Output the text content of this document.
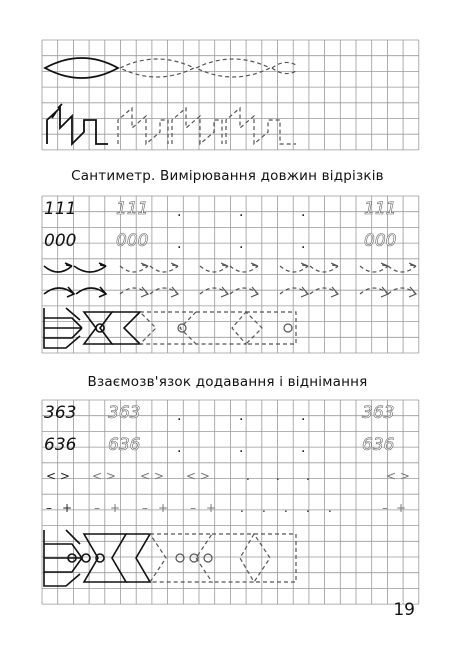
111 111	111
000 000	000
.	.	.
.	.	.
363 363	363
636 636	636
.	.	.
.	.	.
< > < > < > < >	. . .	< >
– + – + – + – + . . . . .	– +
Сантиметр. Вимірювання довжин відрізків
Взаємозв'язок додавання і віднімання
19
